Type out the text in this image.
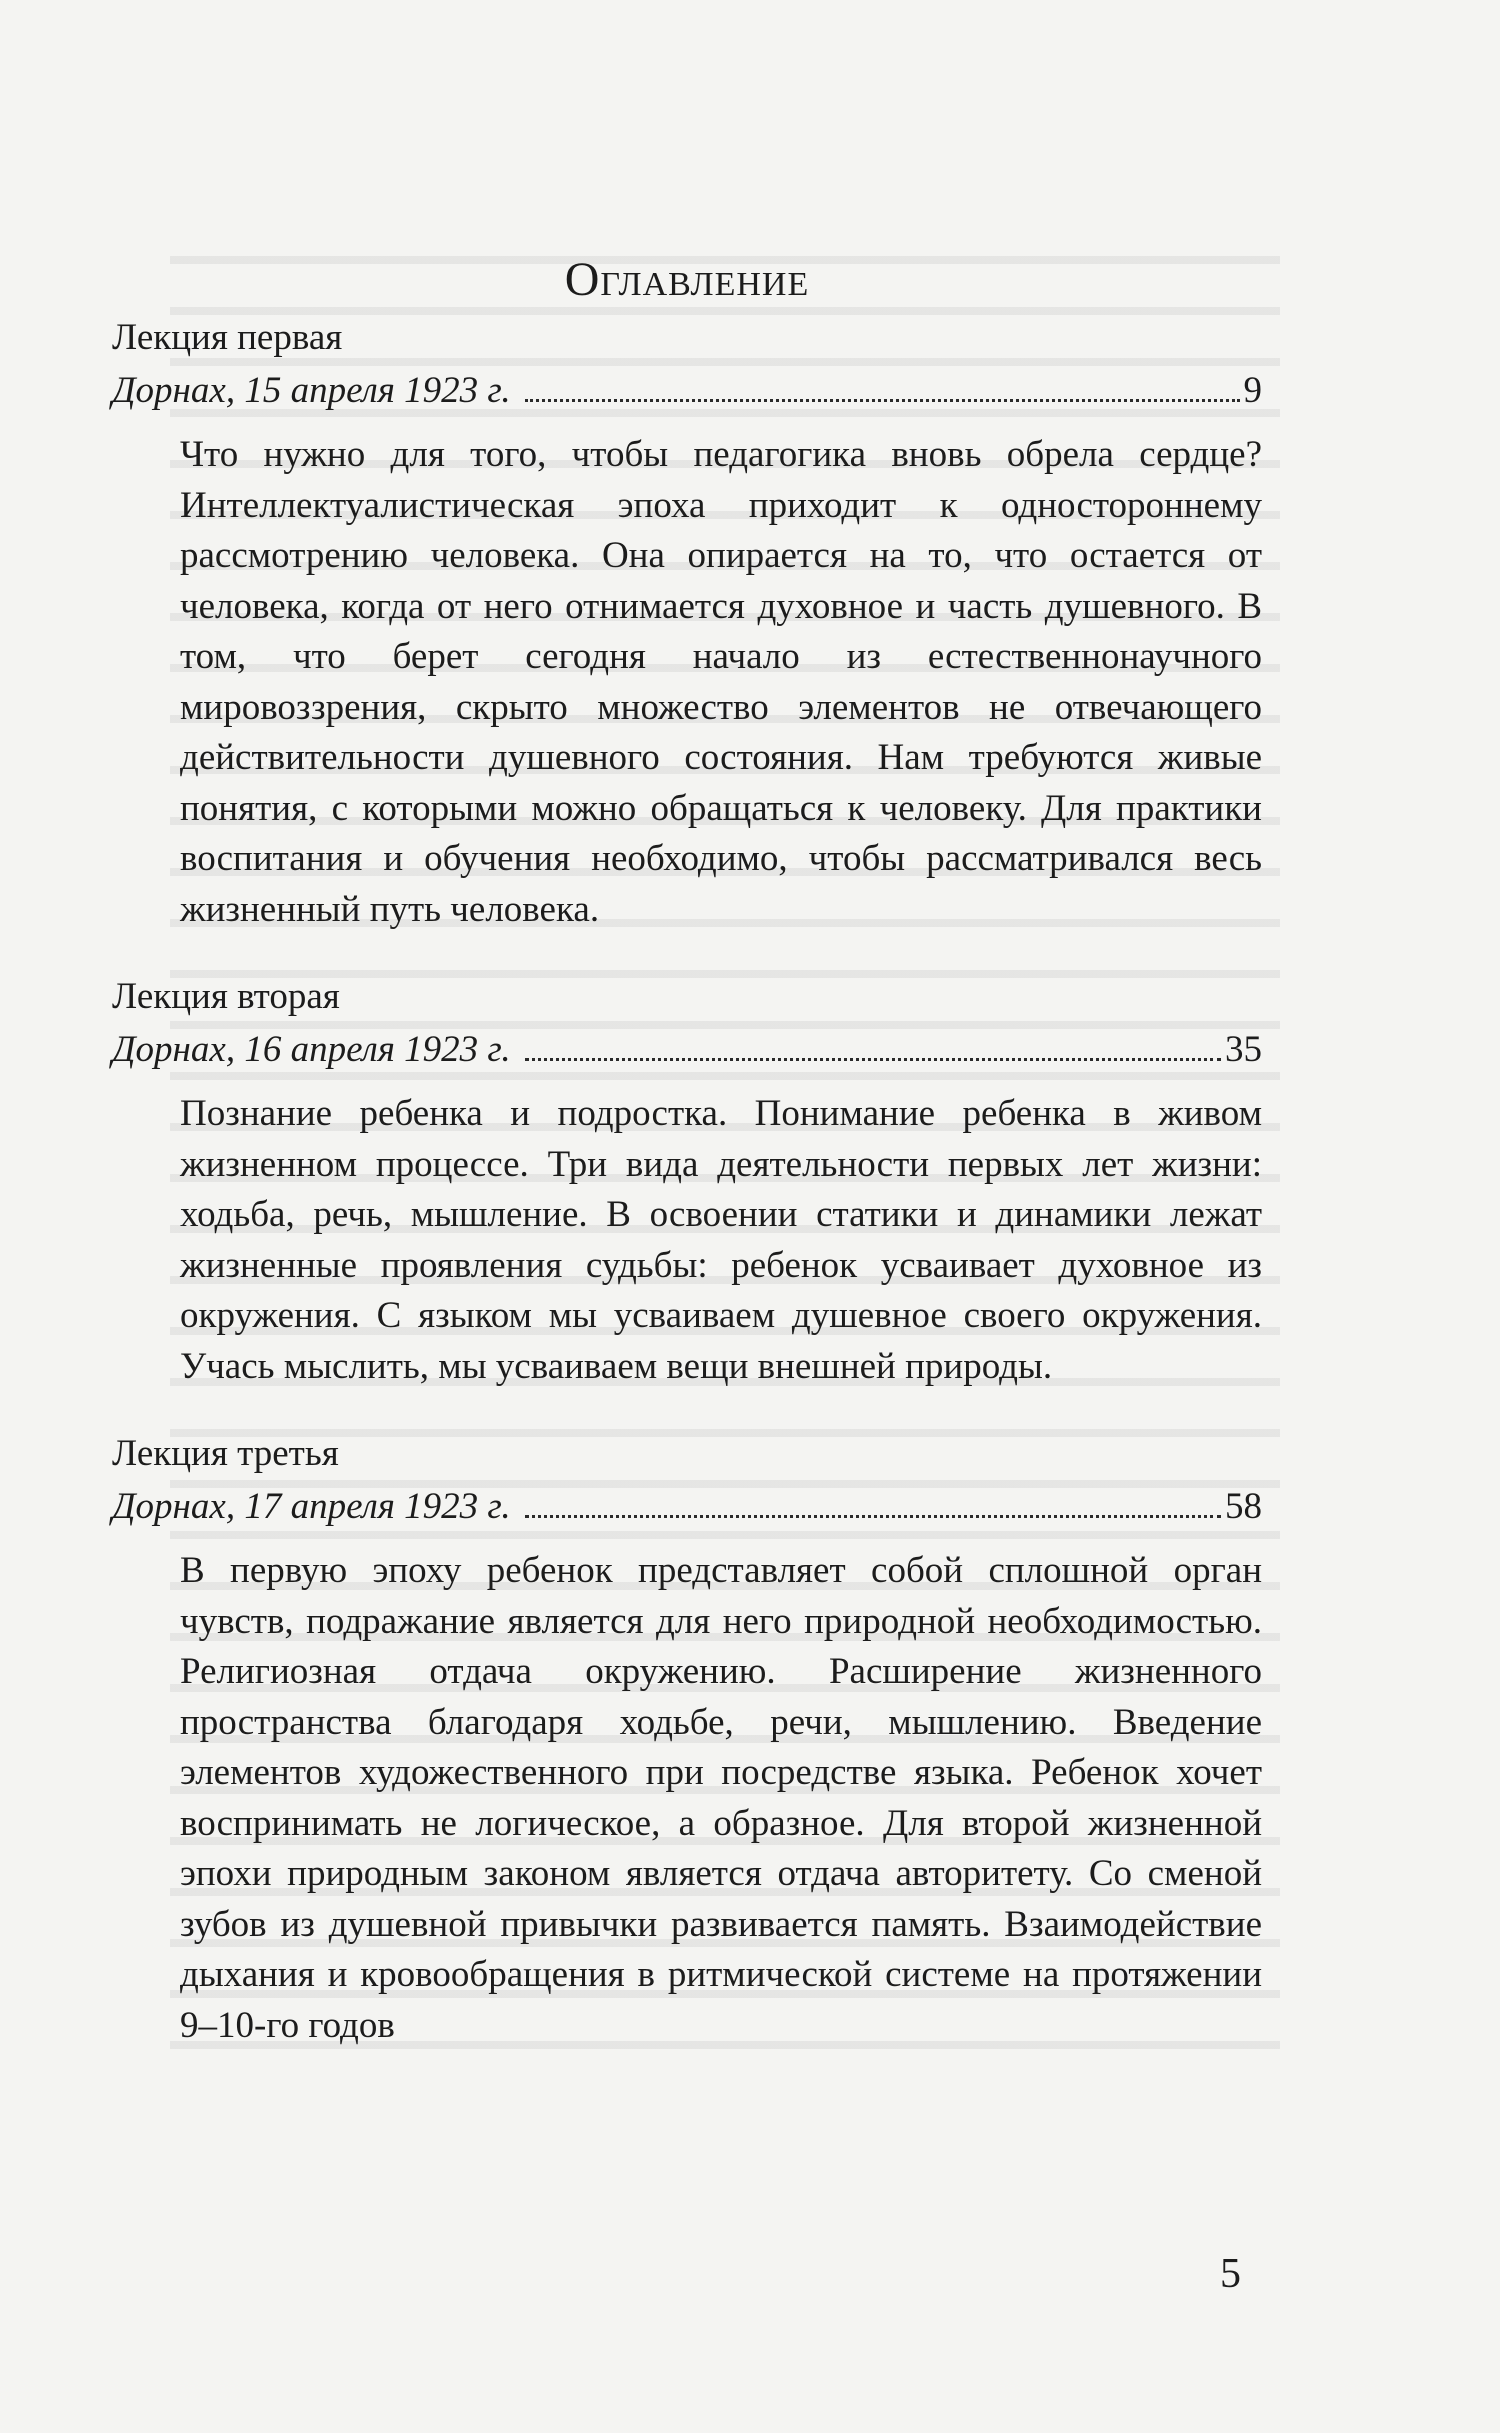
Оглавление

Лекция первая

Дорнах, 15 апреля 1923 г.	9

Что нужно для того, чтобы педагогика вновь обрела сердце? Интеллектуалистическая эпоха приходит к одностороннему рассмотрению человека. Она опирается на то, что остается от человека, когда от него отнимается духовное и часть душевного. В том, что берет сегодня начало из естественнонаучного мировоззрения, скрыто множество элементов не отвечающего действительности душевного состояния. Нам требуются живые понятия, с которыми можно обращаться к человеку. Для практики воспитания и обучения необходимо, чтобы рассматривался весь жизненный путь человека.

Лекция вторая

Дорнах, 16 апреля 1923 г.	35

Познание ребенка и подростка. Понимание ребенка в живом жизненном процессе. Три вида деятельности первых лет жизни: ходьба, речь, мышление. В освоении статики и динамики лежат жизненные проявления судьбы: ребенок усваивает духовное из окружения. С языком мы усваиваем душевное своего окружения. Учась мыслить, мы усваиваем вещи внешней природы.

Лекция третья

Дорнах, 17 апреля 1923 г.	58

В первую эпоху ребенок представляет собой сплошной орган чувств, подражание является для него природной необходимостью. Религиозная отдача окружению. Расширение жизненного пространства благодаря ходьбе, речи, мышлению. Введение элементов художественного при посредстве языка. Ребенок хочет воспринимать не логическое, а образное. Для второй жизненной эпохи природным законом является отдача авторитету. Со сменой зубов из душевной привычки развивается память. Взаимодействие дыхания и кровообращения в ритмической системе на протяжении 9–10-го годов

5
